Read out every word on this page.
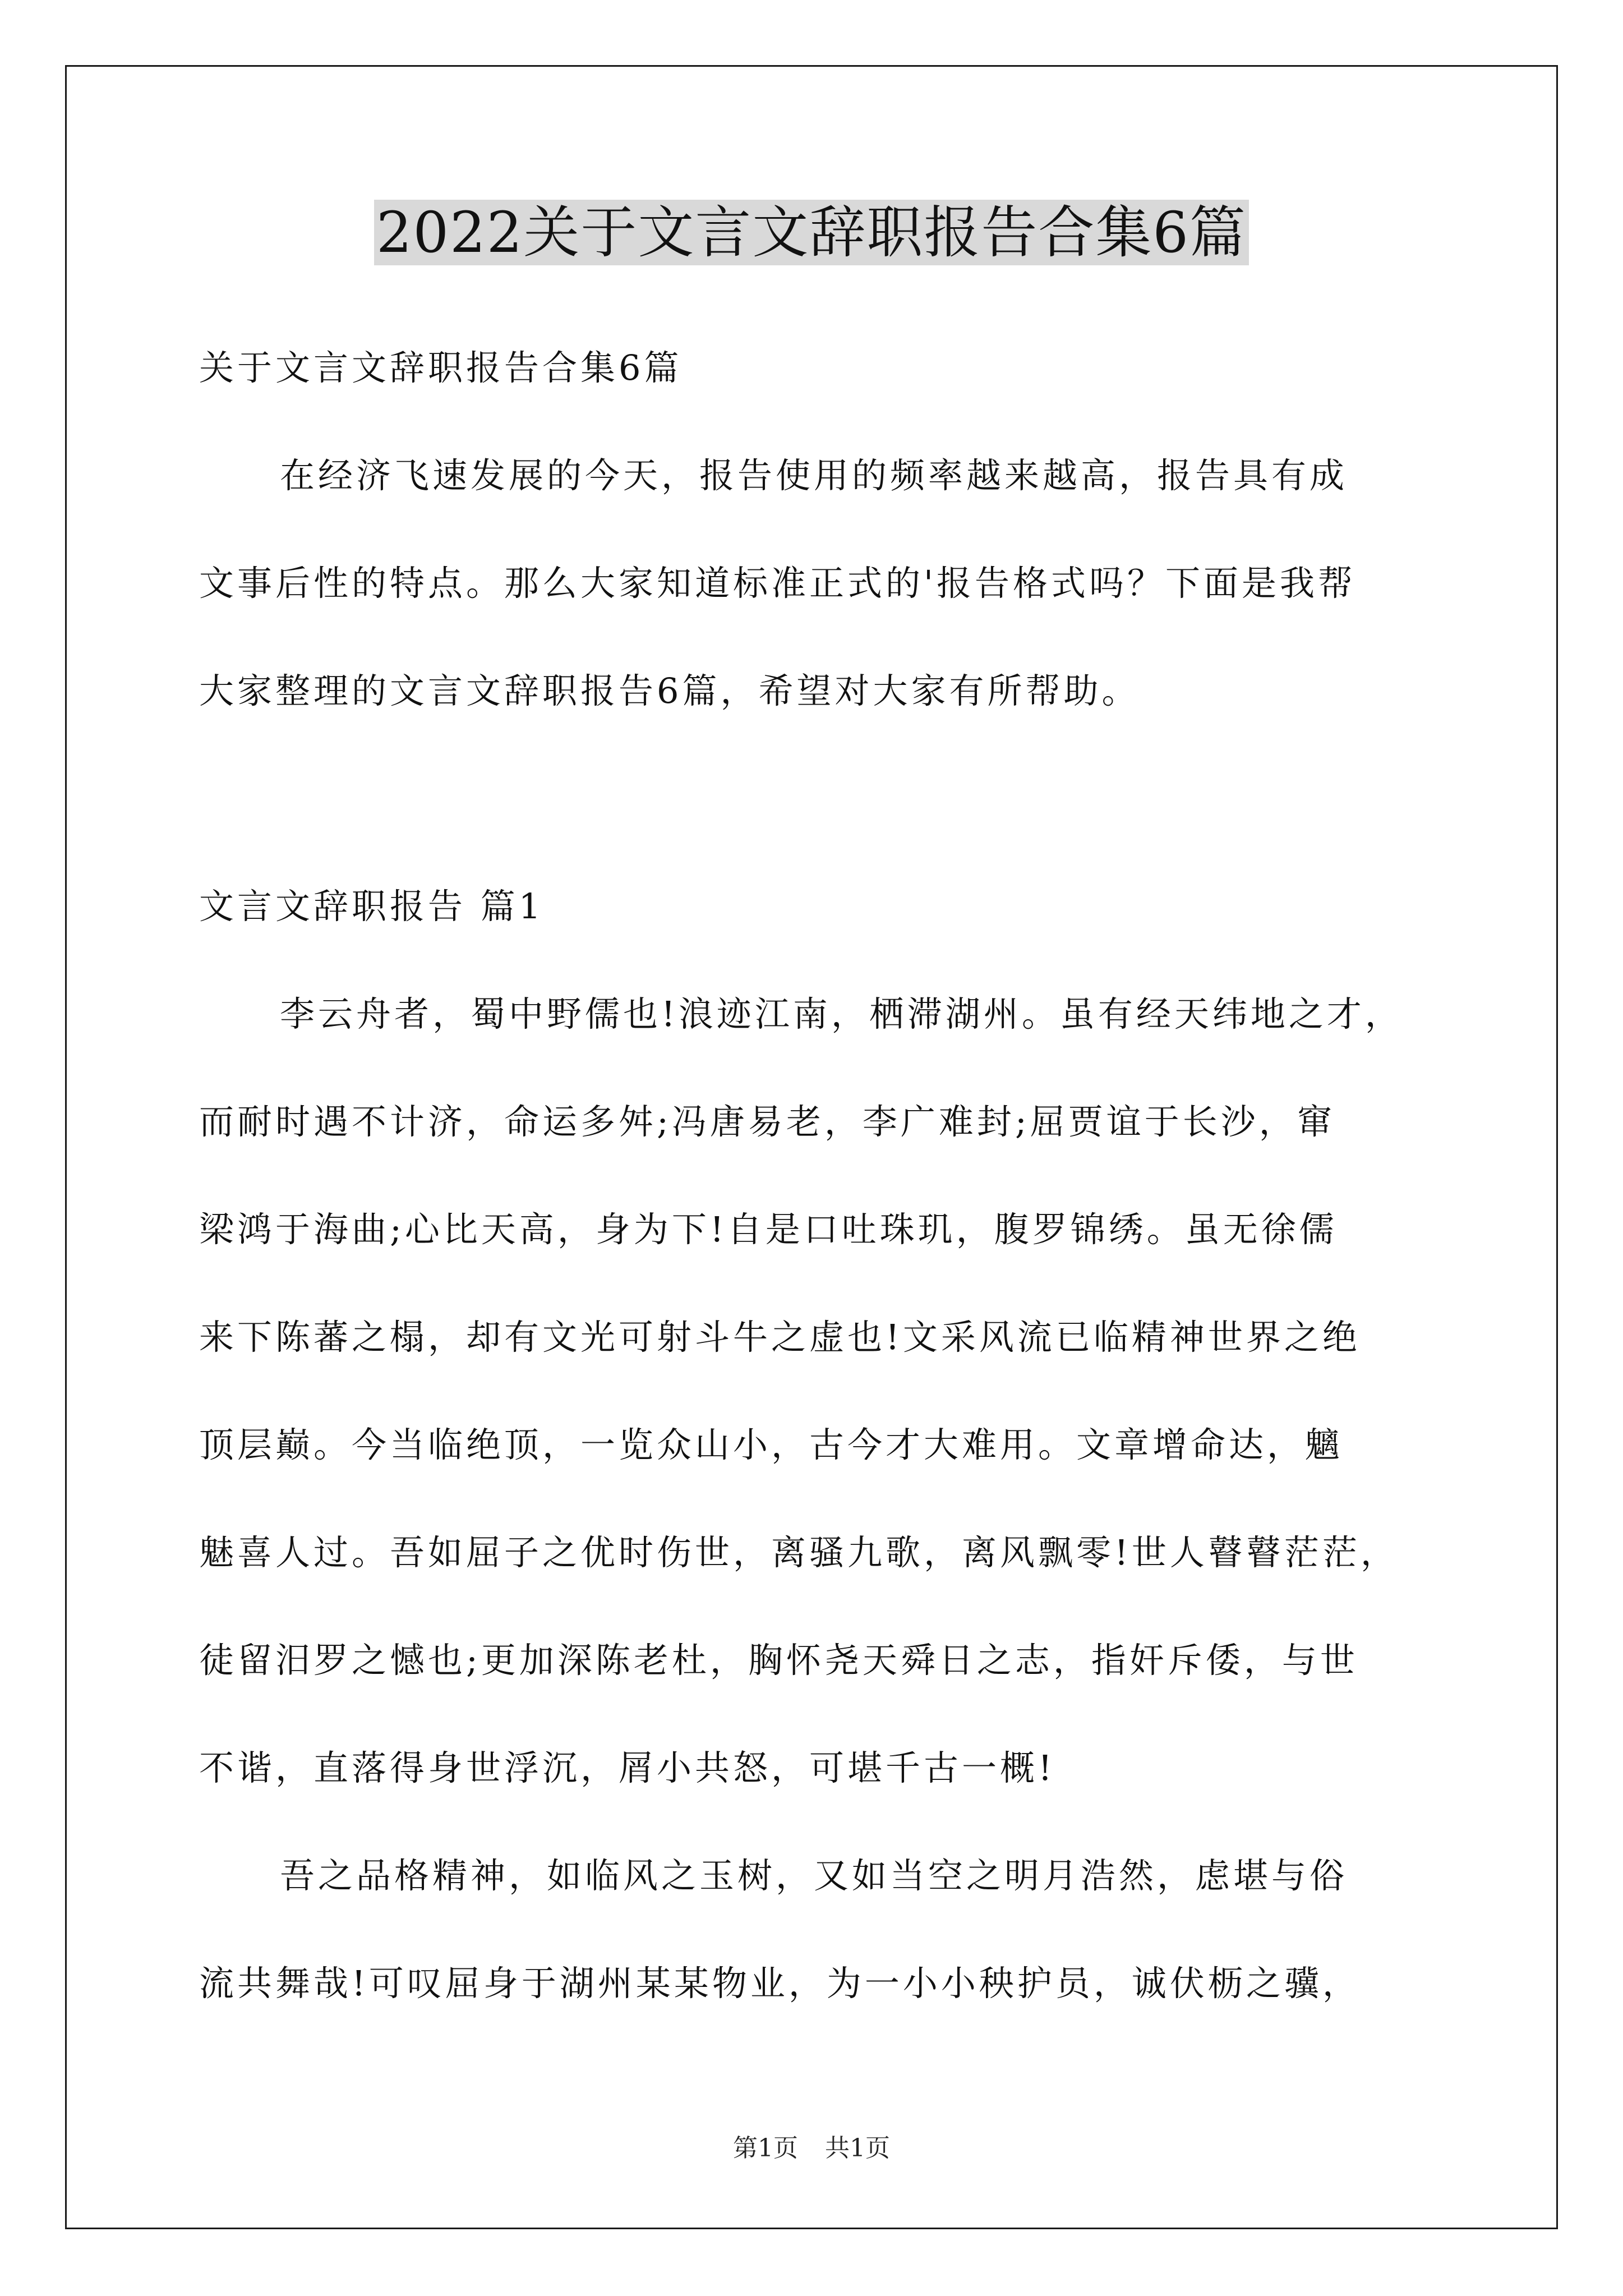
2022关于文言文辞职报告合集6篇
关于文言文辞职报告合集6篇
在经济飞速发展的今天，报告使用的频率越来越高，报告具有成
文事后性的特点。那么大家知道标准正式的'报告格式吗？下面是我帮
大家整理的文言文辞职报告6篇，希望对大家有所帮助。
文言文辞职报告 篇1
李云舟者，蜀中野儒也!浪迹江南，栖滞湖州。虽有经天纬地之才，
而耐时遇不计济，命运多舛;冯唐易老，李广难封;屈贾谊于长沙，窜
梁鸿于海曲;心比天高，身为下!自是口吐珠玑，腹罗锦绣。虽无徐儒
来下陈蕃之榻，却有文光可射斗牛之虚也!文采风流已临精神世界之绝
顶层巅。今当临绝顶，一览众山小，古今才大难用。文章增命达，魑
魅喜人过。吾如屈子之优时伤世，离骚九歌，离风飘零!世人瞽瞽茫茫，
徒留汨罗之憾也;更加深陈老杜，胸怀尧天舜日之志，指奸斥倭，与世
不谐，直落得身世浮沉，屑小共怒，可堪千古一概!
吾之品格精神，如临风之玉树，又如当空之明月浩然，虑堪与俗
流共舞哉!可叹屈身于湖州某某物业，为一小小秧护员，诚伏枥之骥，
第1页 共1页
